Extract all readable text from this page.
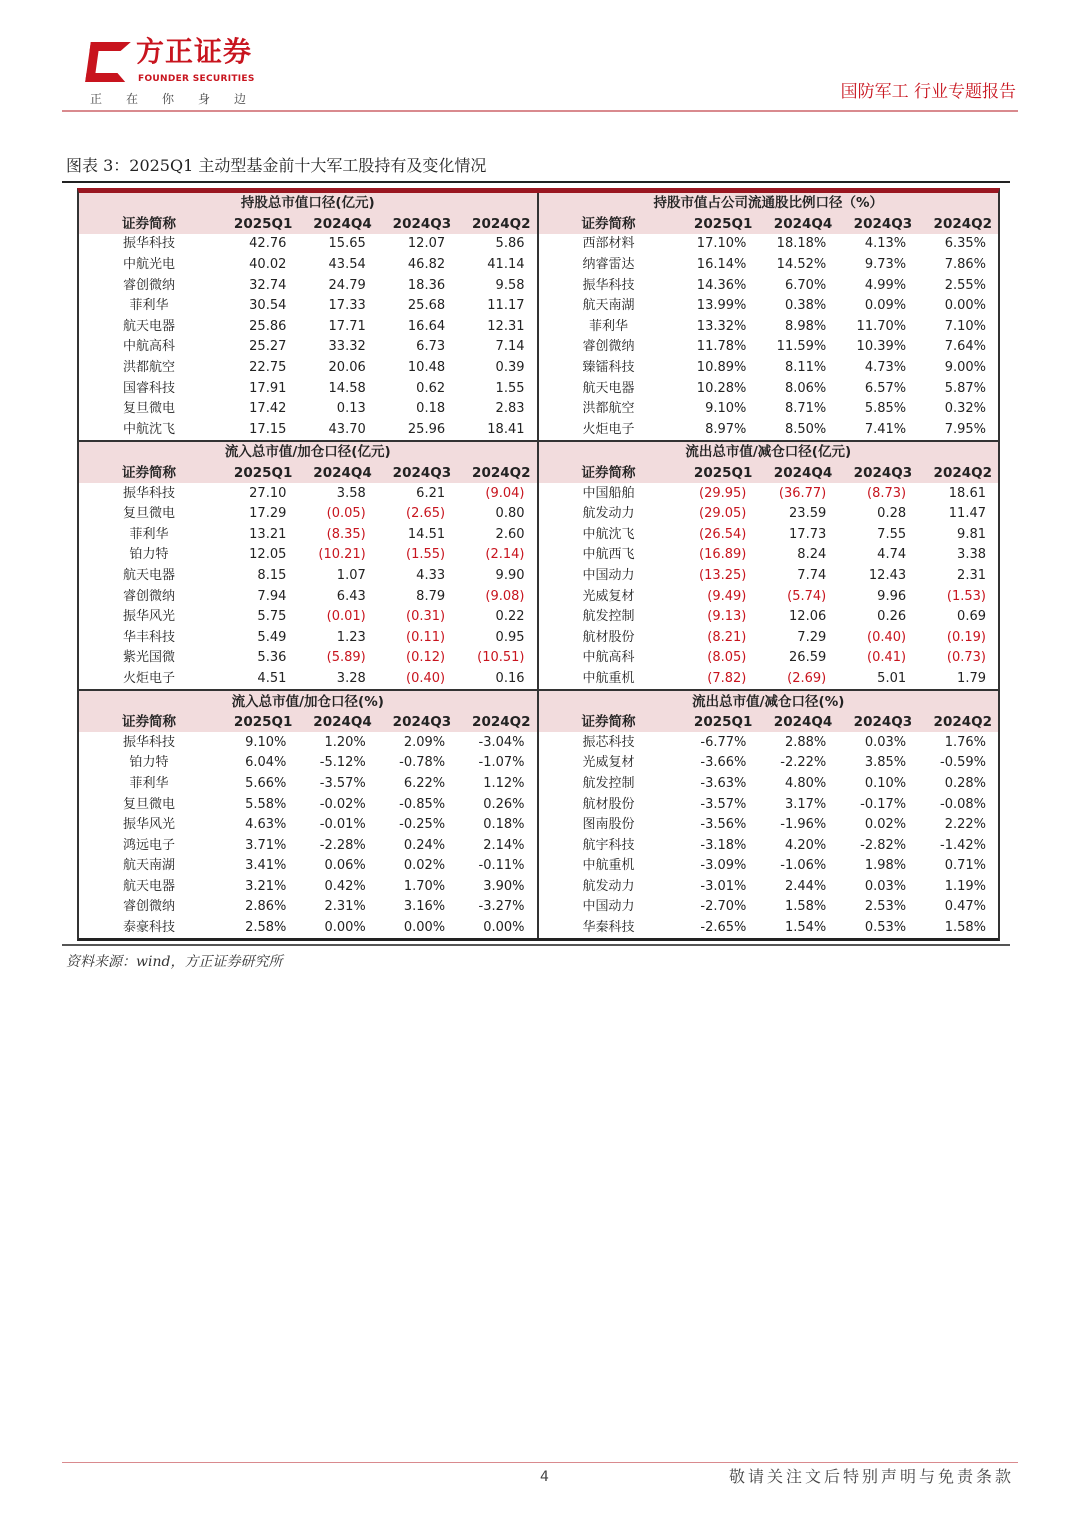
方正证券
FOUNDER SECURITIES
正在你身边	国防军工 行业专题报告
图表 3：2025Q1 主动型基金前十大军工股持有及变化情况
持股总市值口径(亿元)				
证券简称	2025Q1	2024Q4	2024Q3	2024Q2
振华科技	42.76	15.65	12.07	5.86
中航光电	40.02	43.54	46.82	41.14
睿创微纳	32.74	24.79	18.36	9.58
菲利华	30.54	17.33	25.68	11.17
航天电器	25.86	17.71	16.64	12.31
中航高科	25.27	33.32	6.73	7.14
洪都航空	22.75	20.06	10.48	0.39
国睿科技	17.91	14.58	0.62	1.55
复旦微电	17.42	0.13	0.18	2.83
中航沈飞	17.15	43.70	25.96	18.41
持股市值占公司流通股比例口径（%）				
证券简称	2025Q1	2024Q4	2024Q3	2024Q2
西部材料	17.10%	18.18%	4.13%	6.35%
纳睿雷达	16.14%	14.52%	9.73%	7.86%
振华科技	14.36%	6.70%	4.99%	2.55%
航天南湖	13.99%	0.38%	0.09%	0.00%
菲利华	13.32%	8.98%	11.70%	7.10%
睿创微纳	11.78%	11.59%	10.39%	7.64%
臻镭科技	10.89%	8.11%	4.73%	9.00%
航天电器	10.28%	8.06%	6.57%	5.87%
洪都航空	9.10%	8.71%	5.85%	0.32%
火炬电子	8.97%	8.50%	7.41%	7.95%
流入总市值/加仓口径(亿元)				
证券简称	2025Q1	2024Q4	2024Q3	2024Q2
振华科技	27.10	3.58	6.21	(9.04)
复旦微电	17.29	(0.05)	(2.65)	0.80
菲利华	13.21	(8.35)	14.51	2.60
铂力特	12.05	(10.21)	(1.55)	(2.14)
航天电器	8.15	1.07	4.33	9.90
睿创微纳	7.94	6.43	8.79	(9.08)
振华风光	5.75	(0.01)	(0.31)	0.22
华丰科技	5.49	1.23	(0.11)	0.95
紫光国微	5.36	(5.89)	(0.12)	(10.51)
火炬电子	4.51	3.28	(0.40)	0.16
流出总市值/减仓口径(亿元)				
证券简称	2025Q1	2024Q4	2024Q3	2024Q2
中国船舶	(29.95)	(36.77)	(8.73)	18.61
航发动力	(29.05)	23.59	0.28	11.47
中航沈飞	(26.54)	17.73	7.55	9.81
中航西飞	(16.89)	8.24	4.74	3.38
中国动力	(13.25)	7.74	12.43	2.31
光威复材	(9.49)	(5.74)	9.96	(1.53)
航发控制	(9.13)	12.06	0.26	0.69
航材股份	(8.21)	7.29	(0.40)	(0.19)
中航高科	(8.05)	26.59	(0.41)	(0.73)
中航重机	(7.82)	(2.69)	5.01	1.79
流入总市值/加仓口径(%)				
证券简称	2025Q1	2024Q4	2024Q3	2024Q2
振华科技	9.10%	1.20%	2.09%	-3.04%
铂力特	6.04%	-5.12%	-0.78%	-1.07%
菲利华	5.66%	-3.57%	6.22%	1.12%
复旦微电	5.58%	-0.02%	-0.85%	0.26%
振华风光	4.63%	-0.01%	-0.25%	0.18%
鸿远电子	3.71%	-2.28%	0.24%	2.14%
航天南湖	3.41%	0.06%	0.02%	-0.11%
航天电器	3.21%	0.42%	1.70%	3.90%
睿创微纳	2.86%	2.31%	3.16%	-3.27%
泰豪科技	2.58%	0.00%	0.00%	0.00%
流出总市值/减仓口径(%)				
证券简称	2025Q1	2024Q4	2024Q3	2024Q2
振芯科技	-6.77%	2.88%	0.03%	1.76%
光威复材	-3.66%	-2.22%	3.85%	-0.59%
航发控制	-3.63%	4.80%	0.10%	0.28%
航材股份	-3.57%	3.17%	-0.17%	-0.08%
图南股份	-3.56%	-1.96%	0.02%	2.22%
航宇科技	-3.18%	4.20%	-2.82%	-1.42%
中航重机	-3.09%	-1.06%	1.98%	0.71%
航发动力	-3.01%	2.44%	0.03%	1.19%
中国动力	-2.70%	1.58%	2.53%	0.47%
华秦科技	-2.65%	1.54%	0.53%	1.58%
资料来源：wind，方正证券研究所
4	敬请关注文后特别声明与免责条款
